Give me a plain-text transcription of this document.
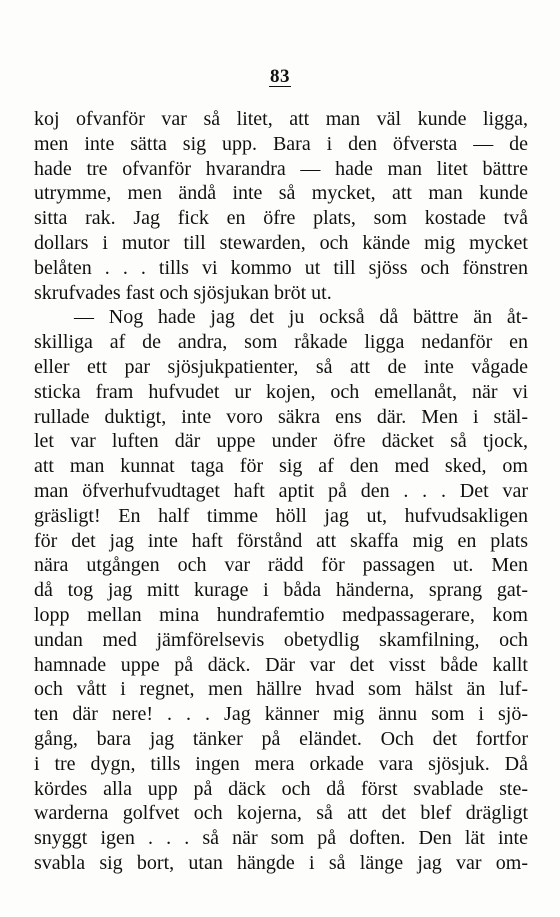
83
koj ofvanför var så litet, att man väl kunde ligga,
men inte sätta sig upp. Bara i den öfversta — de
hade tre ofvanför hvarandra — hade man litet bättre
utrymme, men ändå inte så mycket, att man kunde
sitta rak. Jag fick en öfre plats, som kostade två
dollars i mutor till stewarden, och kände mig mycket
belåten . . . tills vi kommo ut till sjöss och fönstren
skrufvades fast och sjösjukan bröt ut.
— Nog hade jag det ju också då bättre än åt-
skilliga af de andra, som råkade ligga nedanför en
eller ett par sjösjukpatienter, så att de inte vågade
sticka fram hufvudet ur kojen, och emellanåt, när vi
rullade duktigt, inte voro säkra ens där. Men i stäl-
let var luften där uppe under öfre däcket så tjock,
att man kunnat taga för sig af den med sked, om
man öfverhufvudtaget haft aptit på den . . . Det var
gräsligt! En half timme höll jag ut, hufvudsakligen
för det jag inte haft förstånd att skaffa mig en plats
nära utgången och var rädd för passagen ut. Men
då tog jag mitt kurage i båda händerna, sprang gat-
lopp mellan mina hundrafemtio medpassagerare, kom
undan med jämförelsevis obetydlig skamfilning, och
hamnade uppe på däck. Där var det visst både kallt
och vått i regnet, men hällre hvad som hälst än luf-
ten där nere! . . . Jag känner mig ännu som i sjö-
gång, bara jag tänker på eländet. Och det fortfor
i tre dygn, tills ingen mera orkade vara sjösjuk. Då
kördes alla upp på däck och då först svablade ste-
warderna golfvet och kojerna, så att det blef drägligt
snyggt igen . . . så när som på doften. Den lät inte
svabla sig bort, utan hängde i så länge jag var om-
